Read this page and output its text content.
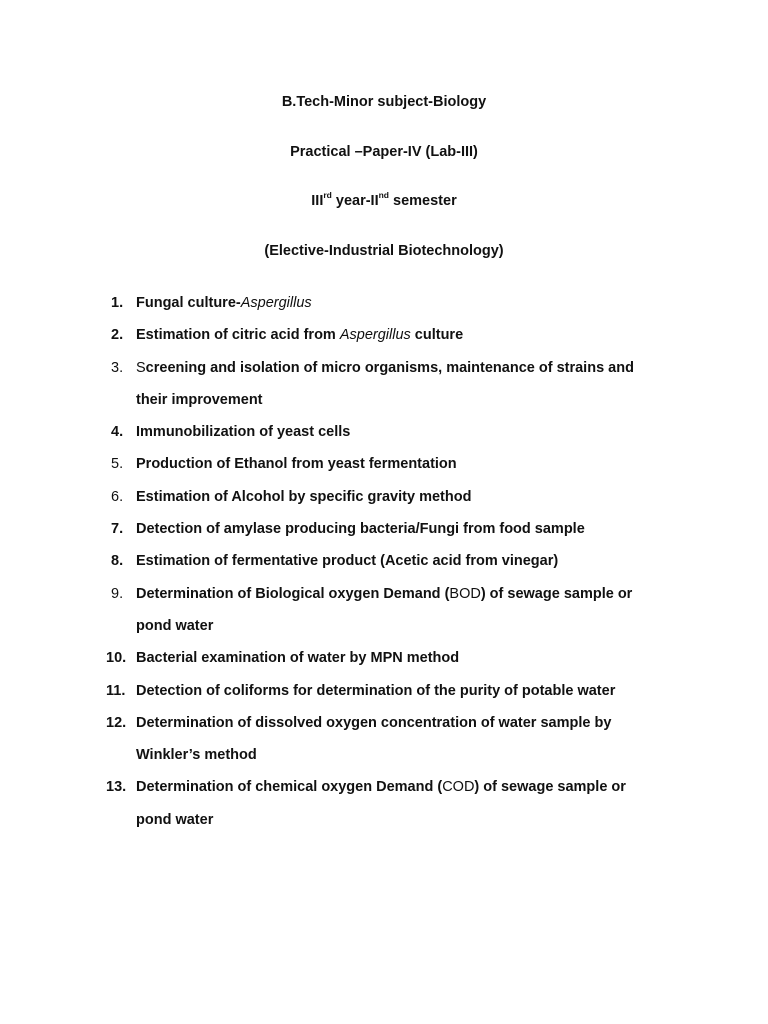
B.Tech-Minor subject-Biology
Practical –Paper-IV (Lab-III)
IIIrd year-IInd semester
(Elective-Industrial Biotechnology)
1. Fungal culture-Aspergillus
2. Estimation of citric acid from Aspergillus culture
3. Screening and isolation of micro organisms, maintenance of strains and
their improvement
4. Immunobilization of yeast cells
5. Production of Ethanol from yeast fermentation
6. Estimation of Alcohol by specific gravity method
7. Detection of amylase producing bacteria/Fungi from food sample
8. Estimation of fermentative product (Acetic acid from vinegar)
9. Determination of Biological oxygen Demand (BOD) of sewage sample or
pond water
10. Bacterial examination of water by MPN method
11. Detection of coliforms for determination of the purity of potable water
12. Determination of dissolved oxygen concentration of water sample by
Winkler’s method
13. Determination of chemical oxygen Demand (COD) of sewage sample or
pond water
